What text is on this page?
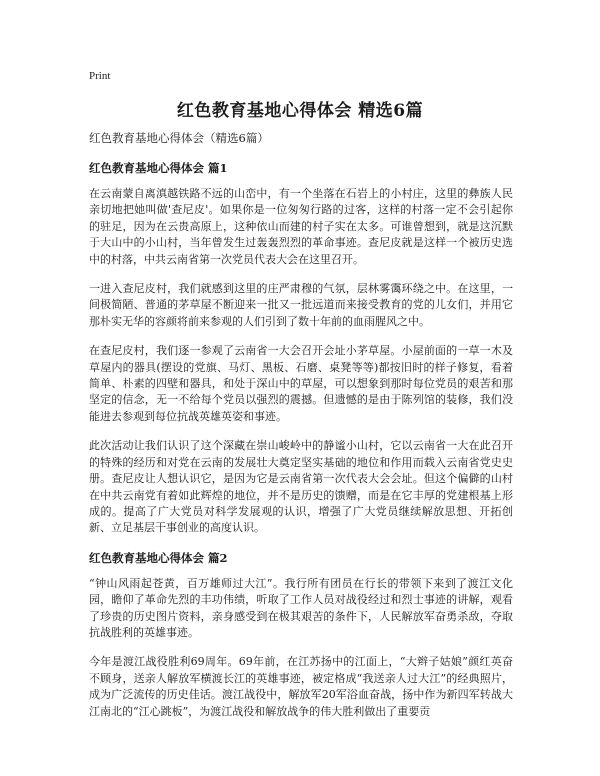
Print
红色教育基地心得体会 精选6篇

红色教育基地心得体会（精选6篇）

红色教育基地心得体会 篇1

在云南蒙自离滇越铁路不远的山峦中，有一个坐落在石岩上的小村庄，这里的彝族人民亲切地把她叫做'查尼皮'。如果你是一位匆匆行路的过客，这样的村落一定不会引起你的驻足，因为在云贵高原上，这种依山而建的村子实在太多。可谁曾想到，就是这沉默于大山中的小山村，当年曾发生过轰轰烈烈的革命事迹。查尼皮就是这样一个被历史选中的村落，中共云南省第一次党员代表大会在这里召开。

一进入查尼皮村，我们就感到这里的庄严肃穆的气氛，层林雾霭环绕之中。在这里，一间极简陋、普通的茅草屋不断迎来一批又一批远道而来接受教育的党的儿女们，并用它那朴实无华的容颜将前来参观的人们引到了数十年前的血雨腥风之中。

在查尼皮村，我们逐一参观了云南省一大会召开会址小茅草屋。小屋前面的一草一木及草屋内的器具(摆设的党旗、马灯、黑板、石磨、桌凳等等)都按旧时的样子修复，看着简单、朴素的四壁和器具，和处于深山中的草屋，可以想象到那时每位党员的艰苦和那坚定的信念，无一不给每个党员以强烈的震撼。但遗憾的是由于陈列馆的装修，我们没能进去参观到每位抗战英雄英姿和事迹。

此次活动让我们认识了这个深藏在崇山峻岭中的静谧小山村，它以云南省一大在此召开的特殊的经历和对党在云南的发展壮大奠定坚实基础的地位和作用而载入云南省党史史册。查尼皮让人想认识它，是因为它是云南省第一次代表大会会址。但这个偏僻的山村在中共云南党有着如此辉煌的地位，并不是历史的馈赠，而是在它丰厚的党建根基上形成的。提高了广大党员对科学发展观的认识，增强了广大党员继续解放思想、开拓创新、立足基层干事创业的高度认识。

红色教育基地心得体会 篇2

“钟山风雨起苍黄，百万雄师过大江”。我行所有团员在行长的带领下来到了渡江文化园，瞻仰了革命先烈的丰功伟绩，听取了工作人员对战役经过和烈士事迹的讲解，观看了珍贵的历史图片资料，亲身感受到在极其艰苦的条件下，人民解放军奋勇杀敌，夺取抗战胜利的英雄事迹。

今年是渡江战役胜利69周年。69年前，在江苏扬中的江面上，“大辫子姑娘”颜红英奋不顾身，送亲人解放军横渡长江的英雄事迹，被定格成“我送亲人过大江”的经典照片，成为广泛流传的历史佳话。渡江战役中，解放军20军浴血奋战，扬中作为新四军转战大江南北的“江心跳板”，为渡江战役和解放战争的伟大胜利做出了重要贡
